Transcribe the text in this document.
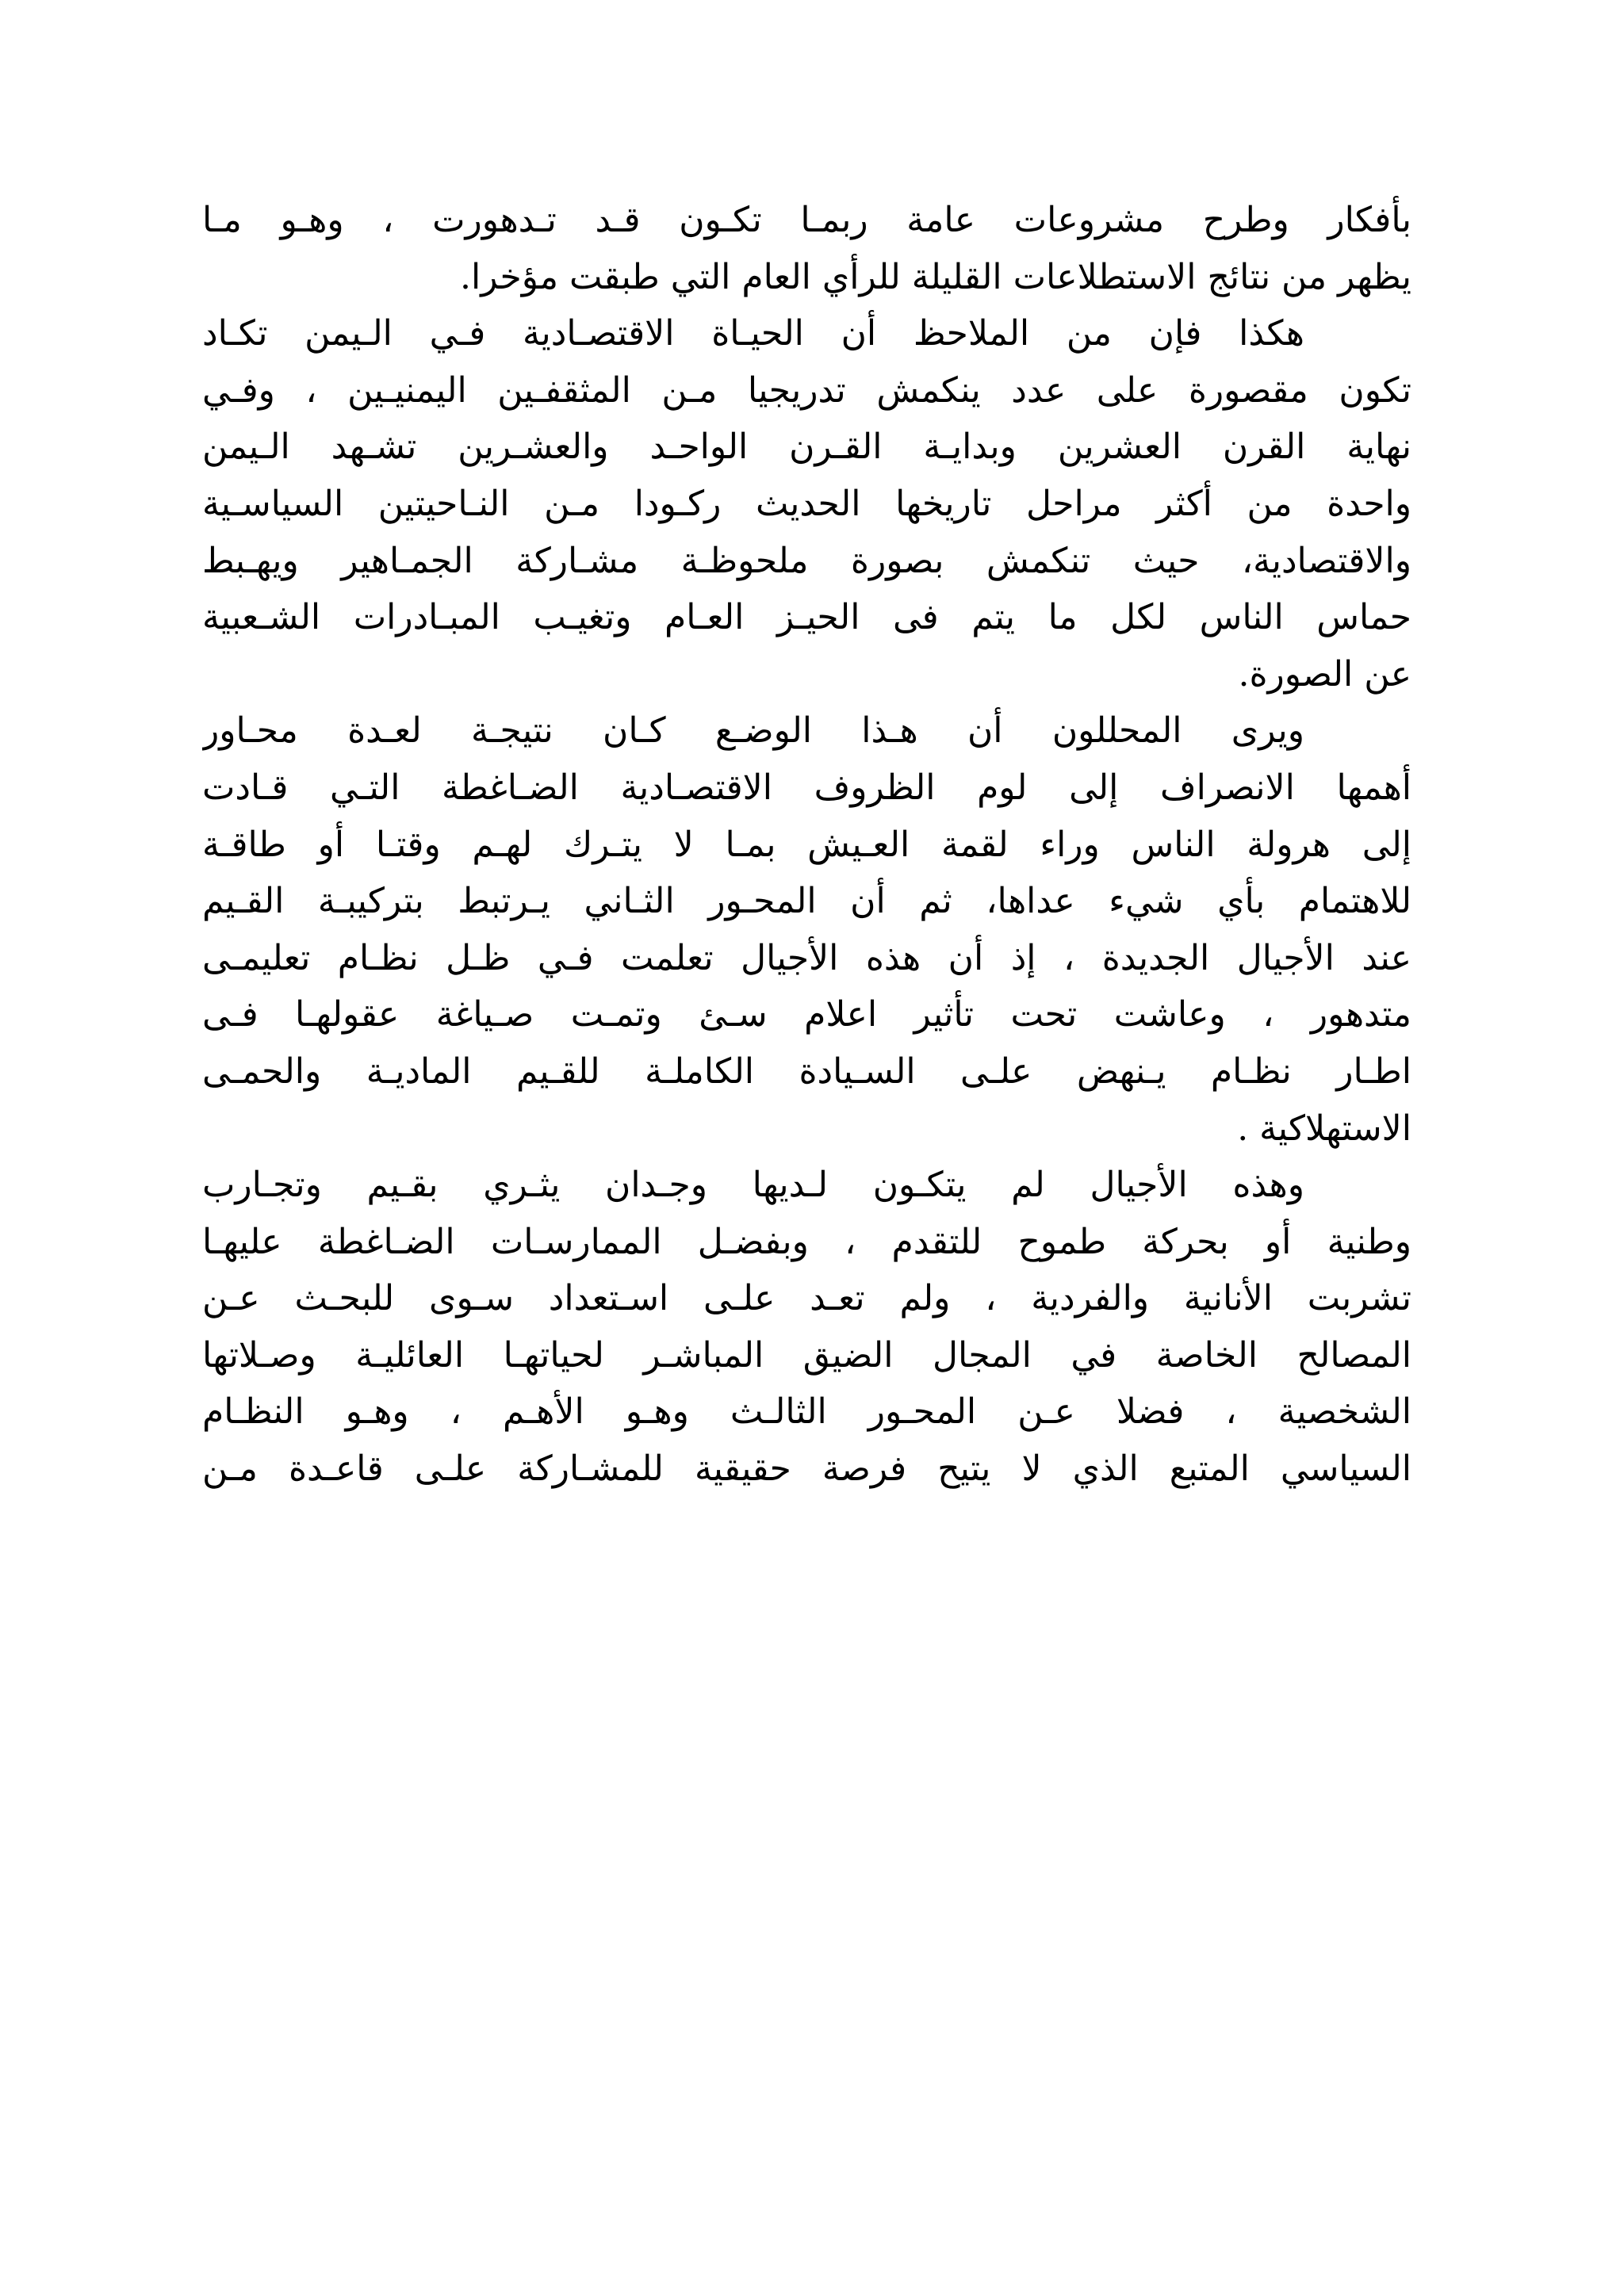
بأفكار وطرح مشروعات عامة ربمـا تكـون قـد تـدهورت ، وهـو مـا
يظهر من نتائج الاستطلاعات القليلة للرأي العام التي طبقت مؤخرا.
هكذا فإن من الملاحظ أن الحيـاة الاقتصـادية فـي الـيمن تكـاد
تكون مقصورة على عدد ينكمش تدريجيا مـن المثقفـين اليمنيـين ، وفـي
نهاية القرن العشرين وبدايـة القـرن الواحـد والعشـرين تشـهد الـيمن
واحدة من أكثر مراحل تاريخها الحديث ركـودا مـن النـاحيتين السياسـية
والاقتصادية، حيث تنكمش بصورة ملحوظـة مشـاركة الجمـاهير ويهـبط
حماس الناس لكل ما يتم فى الحيـز العـام وتغيـب المبـادرات الشـعبية
عن الصورة.
ويرى المحللون أن هـذا الوضـع كـان نتيجـة لعـدة محـاور
أهمها الانصراف إلى لوم الظروف الاقتصـادية الضـاغطة التـي قـادت
إلى هرولة الناس وراء لقمة العـيش بمـا لا يتـرك لهـم وقتـا أو طاقـة
للاهتمام بأي شيء عداها، ثم أن المحـور الثـاني يـرتبط بتركيبـة القـيم
عند الأجيال الجديدة ، إذ أن هذه الأجيال تعلمت فـي ظـل نظـام تعليمـى
متدهور ، وعاشت تحت تأثير اعلام سـئ وتمـت صـياغة عقولهـا فـى
اطـار نظـام يـنهض علـى السـيادة الكاملـة للقـيم الماديـة والحمـى
الاستهلاكية .
وهذه الأجيال لم يتكـون لـديها وجـدان يثـري بقـيم وتجـارب
وطنية أو بحركة طموح للتقدم ، وبفضـل الممارسـات الضـاغطة عليهـا
تشربت الأنانية والفردية ، ولم تعـد علـى اسـتعداد سـوى للبحـث عـن
المصالح الخاصة في المجال الضيق المباشـر لحياتهـا العائليـة وصـلاتها
الشخصية ، فضلا عـن المحـور الثالـث وهـو الأهـم ، وهـو النظـام
السياسي المتبع الذي لا يتيح فرصة حقيقية للمشـاركة علـى قاعـدة مـن
